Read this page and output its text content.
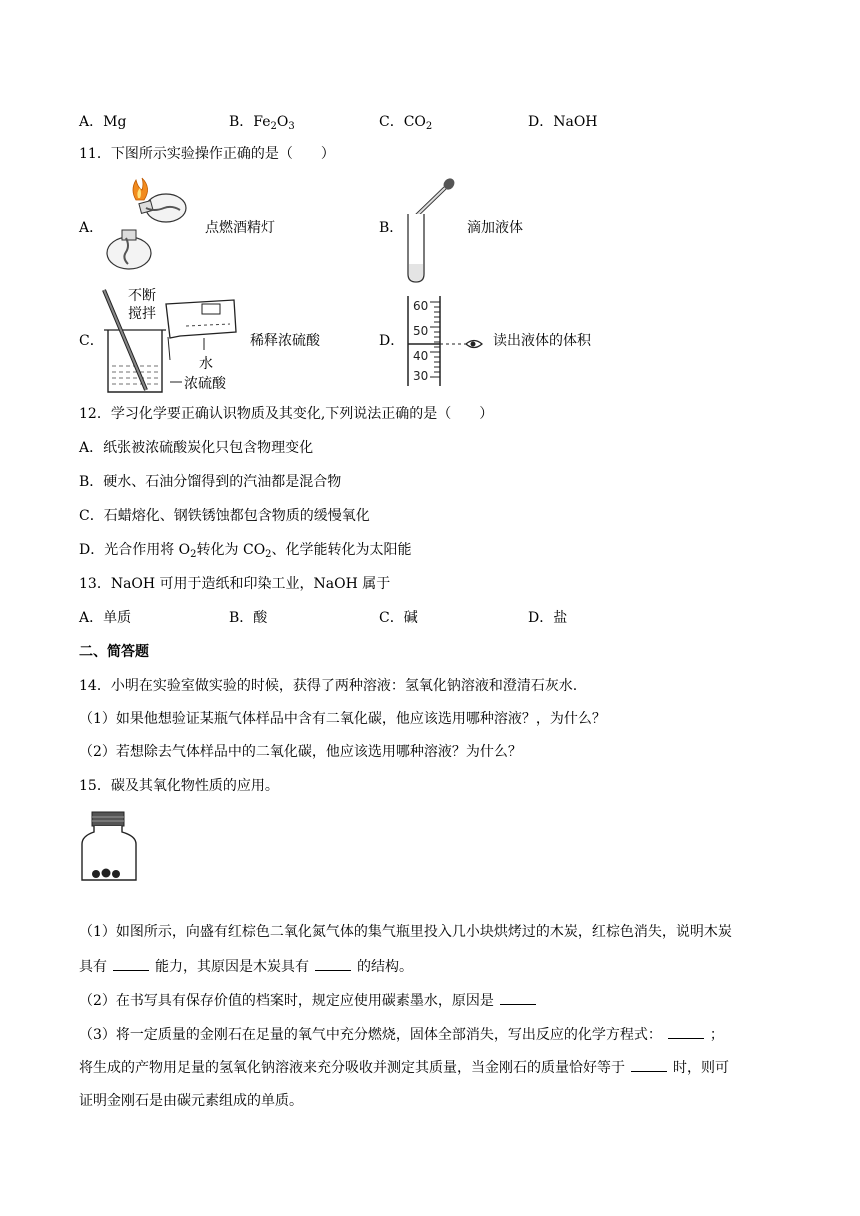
A．Mg	B．$Fe_2O_3$	C．$CO_2$	D．NaOH
11．下图所示实验操作正确的是（　　）
A．	点燃酒精灯	B．	滴加液体
C．
不断
搅拌
水
浓硫酸
稀释浓硫酸	D．
60
50
40
30
读出液体的体积
12．学习化学要正确认识物质及其变化,下列说法正确的是（　　）
A．纸张被浓硫酸炭化只包含物理变化
B．硬水、石油分馏得到的汽油都是混合物
C．石蜡熔化、钢铁锈蚀都包含物质的缓慢氧化
D．光合作用将 $O_2$转化为 $CO_2$、化学能转化为太阳能
13．NaOH 可用于造纸和印染工业，NaOH 属于
A．单质	B．酸	C．碱	D．盐
二、简答题
14．小明在实验室做实验的时候，获得了两种溶液：氢氧化钠溶液和澄清石灰水.
（1）如果他想验证某瓶气体样品中含有二氧化碳，他应该选用哪种溶液？，为什么？
（2）若想除去气体样品中的二氧化碳，他应该选用哪种溶液？为什么？
15．碳及其氧化物性质的应用。
（1）如图所示，向盛有红棕色二氧化氮气体的集气瓶里投入几小块烘烤过的木炭，红棕色消失，说明木炭
具有	能力，其原因是木炭具有	的结构。
（2）在书写具有保存价值的档案时，规定应使用碳素墨水，原因是
（3）将一定质量的金刚石在足量的氧气中充分燃烧，固体全部消失，写出反应的化学方程式：	；
将生成的产物用足量的氢氧化钠溶液来充分吸收并测定其质量，当金刚石的质量恰好等于	时，则可
证明金刚石是由碳元素组成的单质。
